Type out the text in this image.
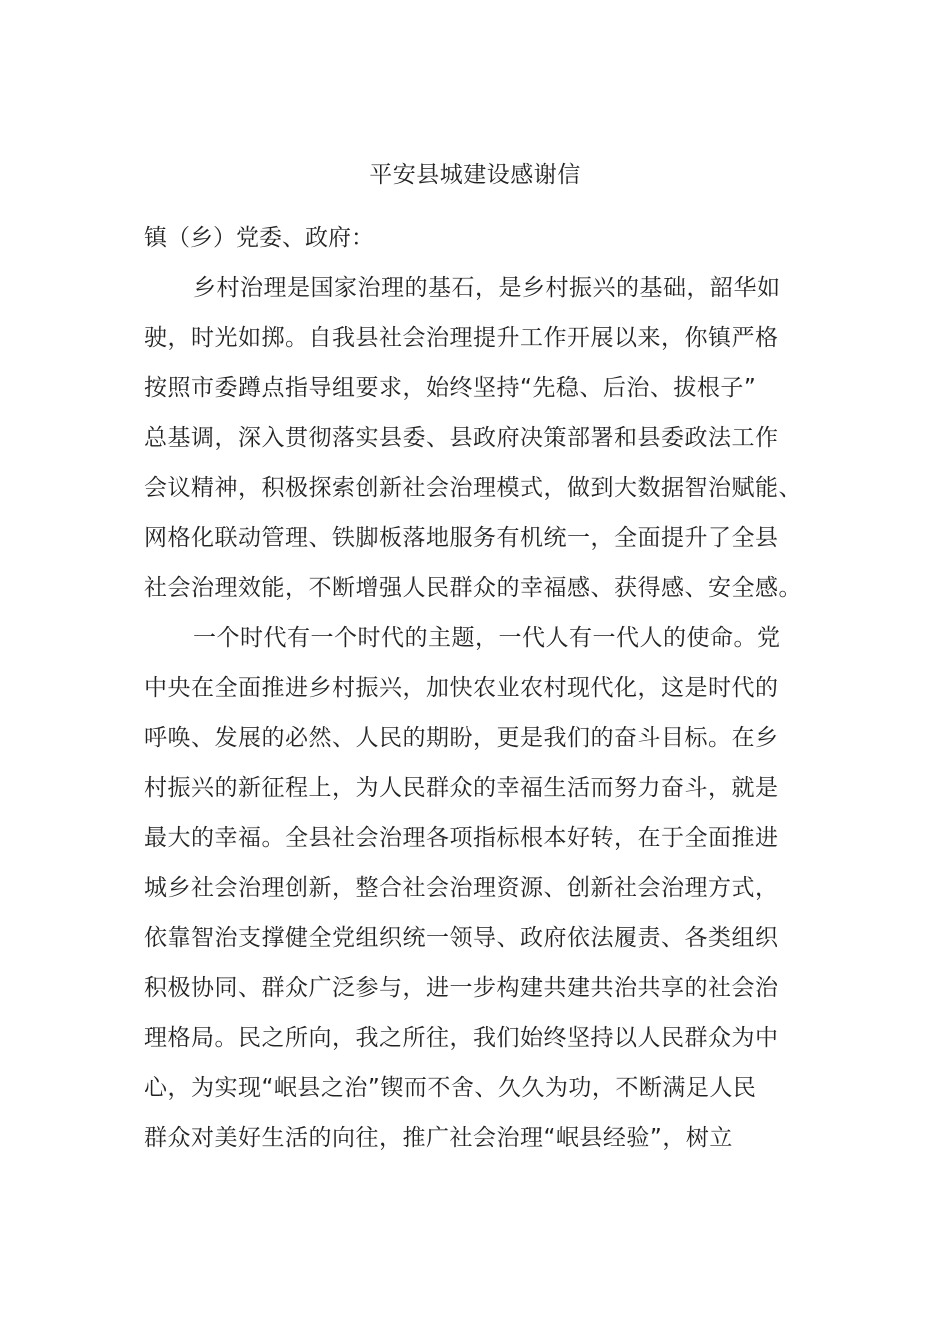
平安县城建设感谢信
镇（乡）党委、政府：
乡村治理是国家治理的基石，是乡村振兴的基础，韶华如
驶，时光如掷。自我县社会治理提升工作开展以来，你镇严格
按照市委蹲点指导组要求，始终坚持“先稳、后治、拔根子”
总基调，深入贯彻落实县委、县政府决策部署和县委政法工作
会议精神，积极探索创新社会治理模式，做到大数据智治赋能、
网格化联动管理、铁脚板落地服务有机统一，全面提升了全县
社会治理效能，不断增强人民群众的幸福感、获得感、安全感。
一个时代有一个时代的主题，一代人有一代人的使命。党
中央在全面推进乡村振兴，加快农业农村现代化，这是时代的
呼唤、发展的必然、人民的期盼，更是我们的奋斗目标。在乡
村振兴的新征程上，为人民群众的幸福生活而努力奋斗，就是
最大的幸福。全县社会治理各项指标根本好转，在于全面推进
城乡社会治理创新，整合社会治理资源、创新社会治理方式，
依靠智治支撑健全党组织统一领导、政府依法履责、各类组织
积极协同、群众广泛参与，进一步构建共建共治共享的社会治
理格局。民之所向，我之所往，我们始终坚持以人民群众为中
心，为实现“岷县之治”锲而不舍、久久为功，不断满足人民
群众对美好生活的向往，推广社会治理“岷县经验”，树立
